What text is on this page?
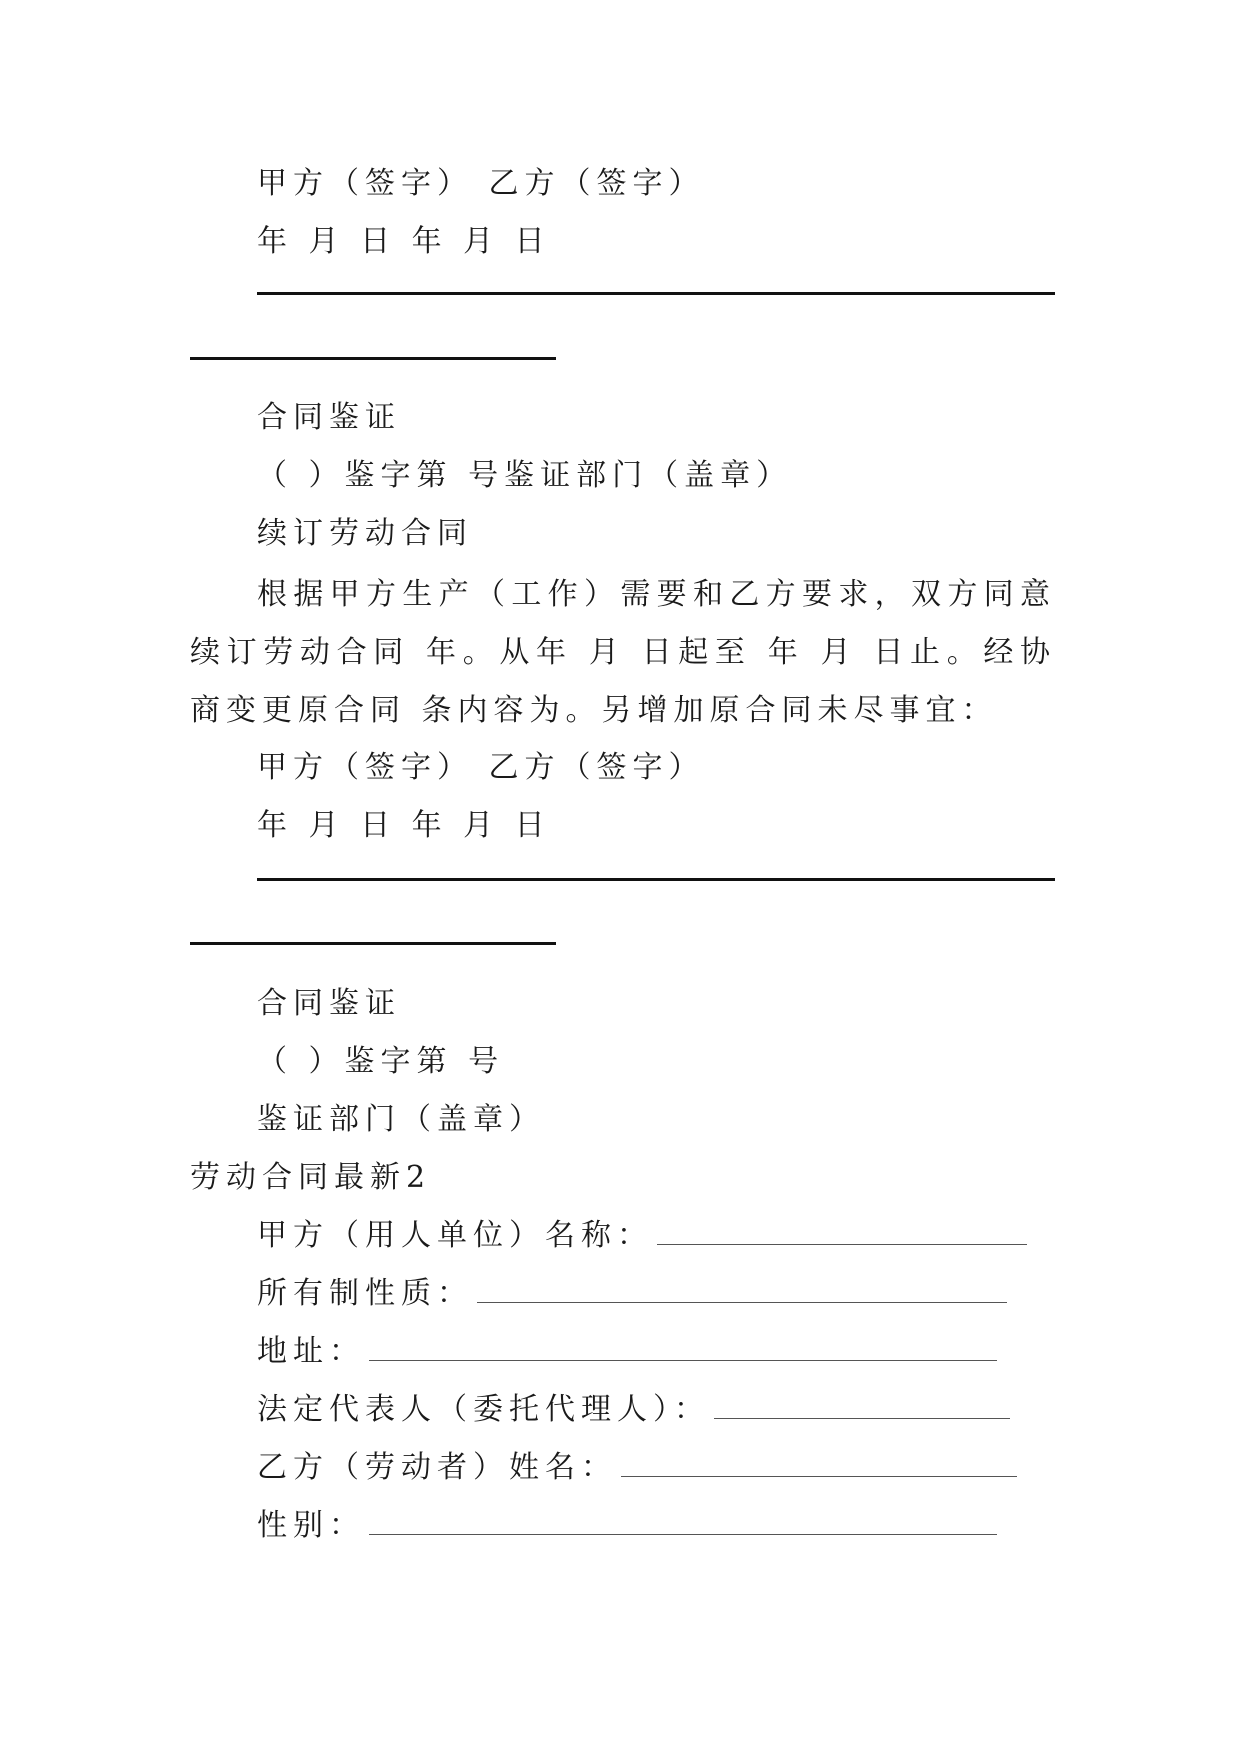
甲方（签字） 乙方（签字）
年 月 日 年 月 日
合同鉴证
（ ）鉴字第 号鉴证部门（盖章）
续订劳动合同
根据甲方生产（工作）需要和乙方要求，双方同意续订劳动合同 年。从年 月 日起至 年 月 日止。经协商变更原合同 条内容为。另增加原合同未尽事宜：
甲方（签字） 乙方（签字）
年 月 日 年 月 日
合同鉴证
（ ）鉴字第 号
鉴证部门（盖章）
劳动合同最新2
甲方（用人单位）名称：
所有制性质：
地址：
法定代表人（委托代理人）：
乙方（劳动者）姓名：
性别：
